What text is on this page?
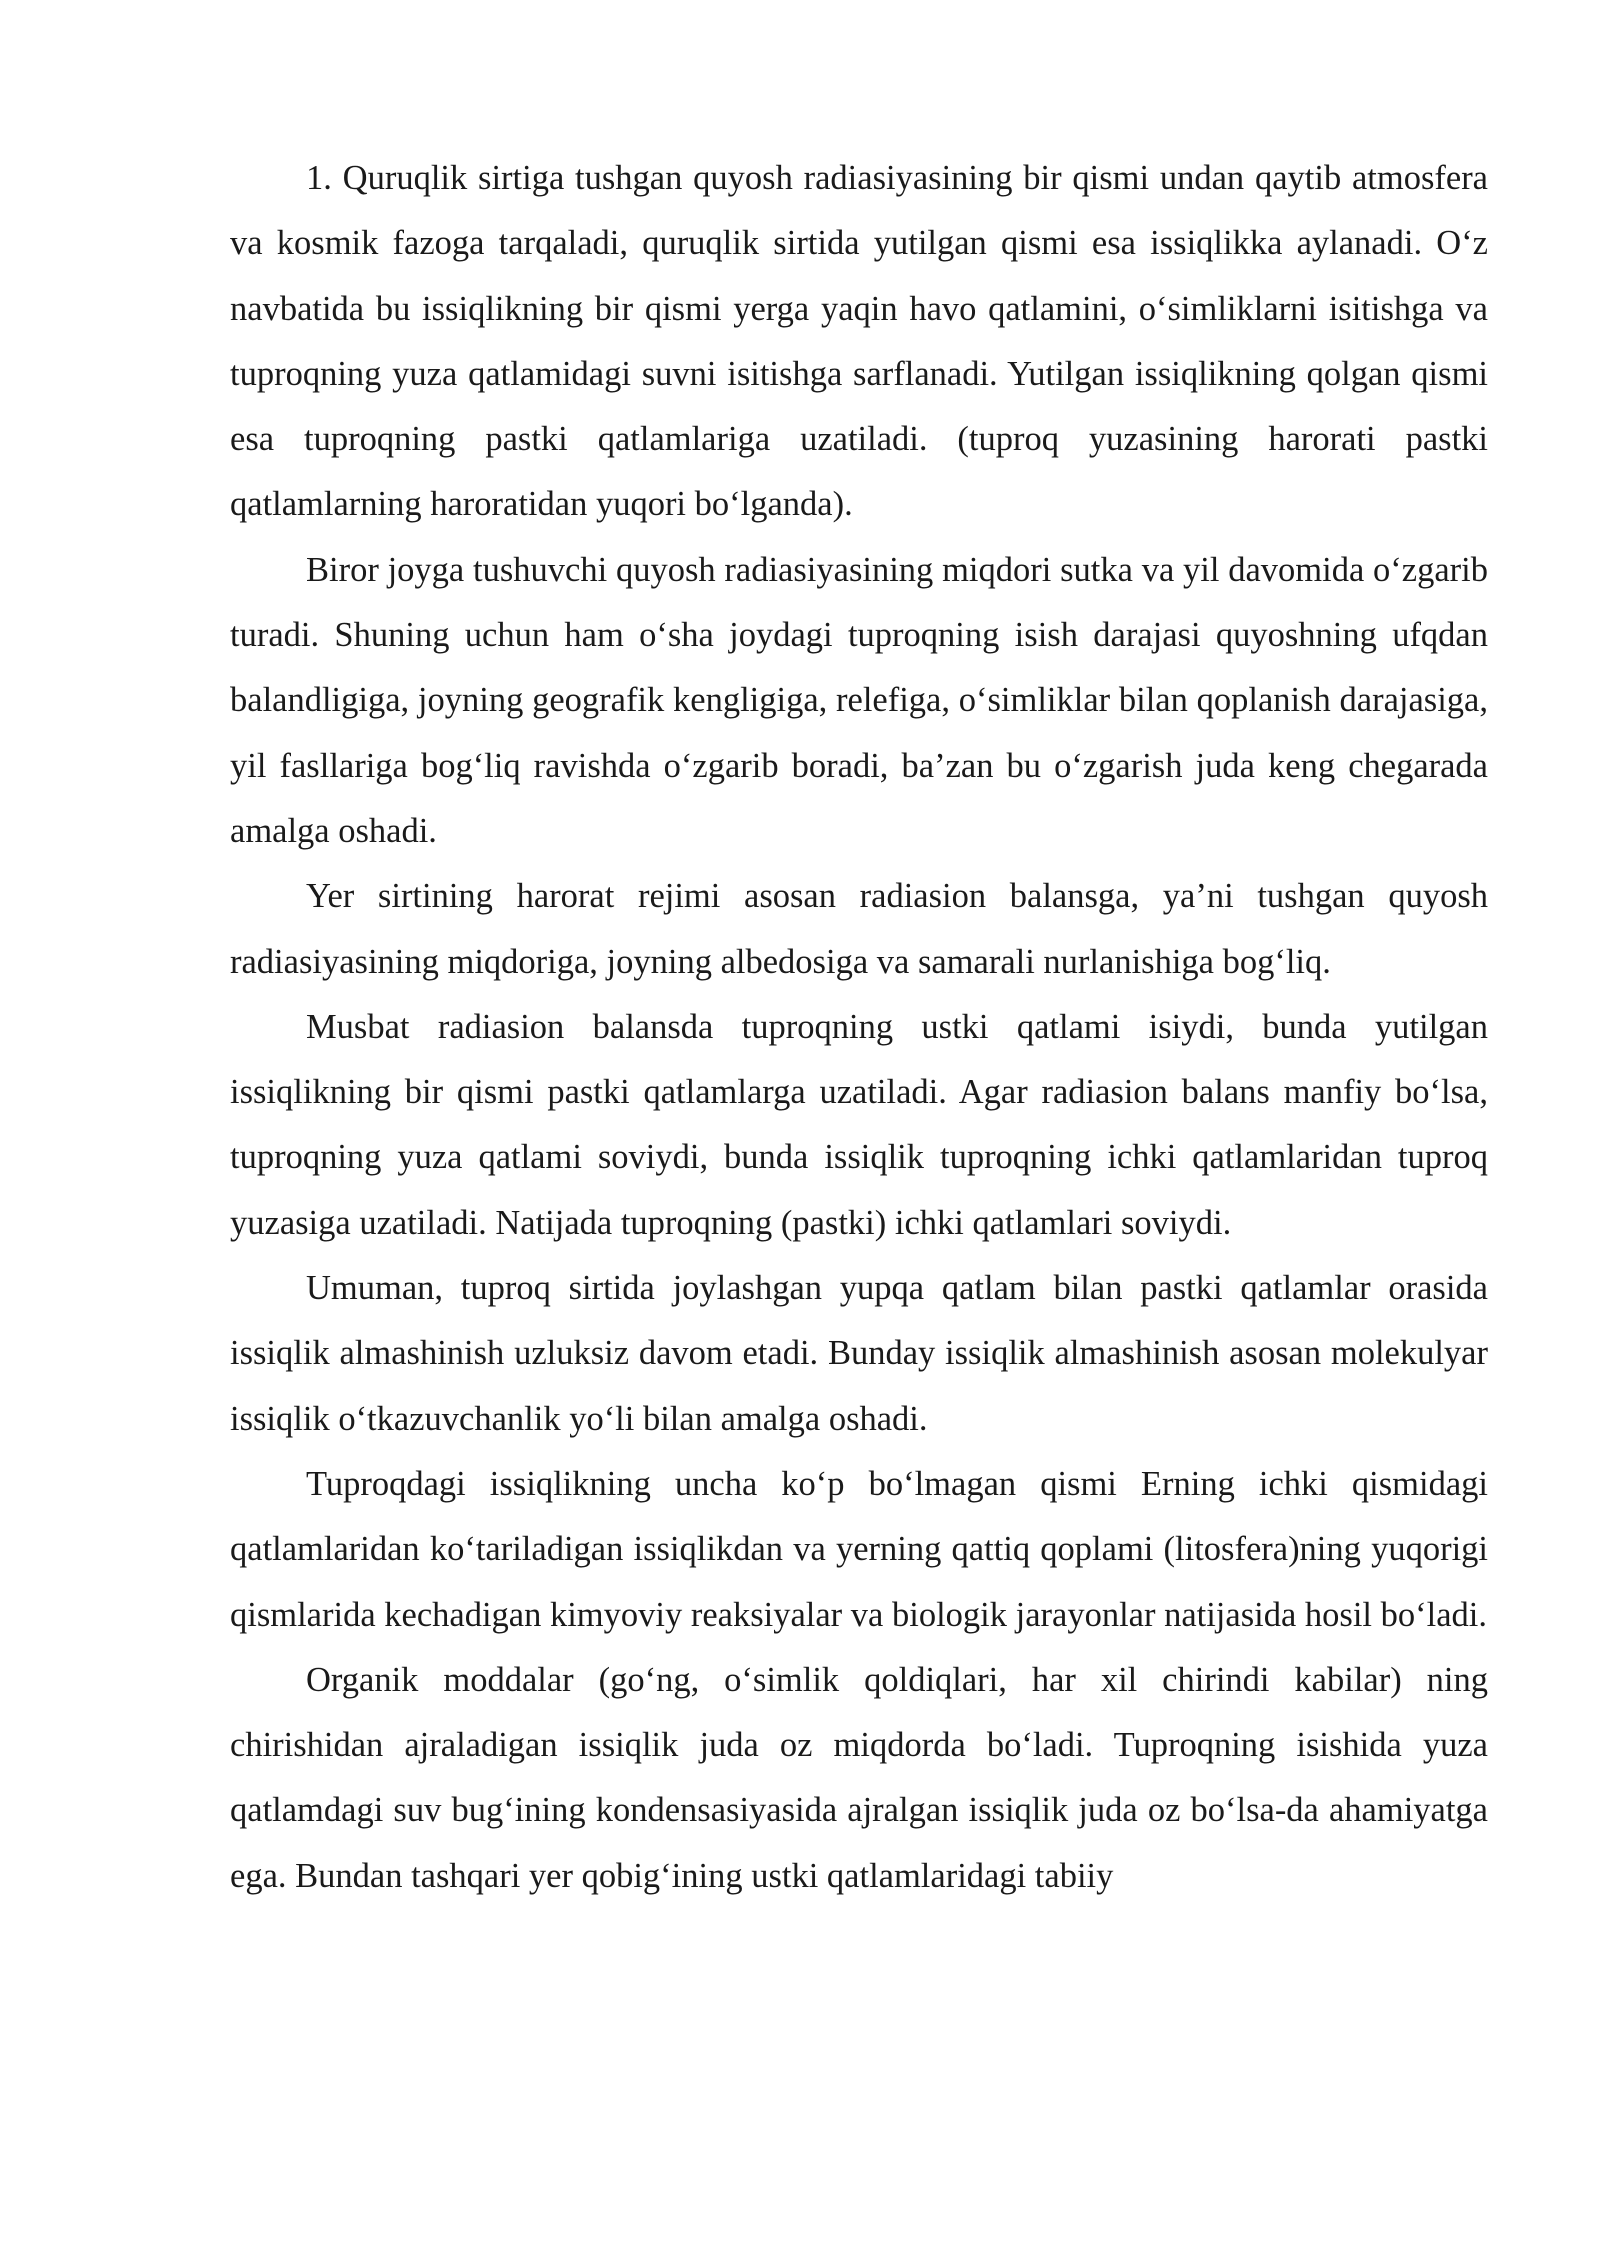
1. Quruqlik sirtiga tushgan quyosh radiasiyasining bir qismi undan qaytib atmosfera va kosmik fazoga tarqaladi, quruqlik sirtida yutilgan qismi esa issiqlikka aylanadi. O‘z navbatida bu issiqlikning bir qismi yerga yaqin havo qatlamini, o‘simliklarni isitishga va tuproqning yuza qatlamidagi suvni isitishga sarflanadi. Yutilgan issiqlikning qolgan qismi esa tuproqning pastki qatlamlariga uzatiladi. (tuproq yuzasining harorati pastki qatlamlarning haroratidan yuqori bo‘lganda).

Biror joyga tushuvchi quyosh radiasiyasining miqdori sutka va yil davomida o‘zgarib turadi. Shuning uchun ham o‘sha joydagi tuproqning isish darajasi quyoshning ufqdan balandligiga, joyning geografik kengligiga, relefiga, o‘simliklar bilan qoplanish darajasiga, yil fasllariga bog‘liq ravishda o‘zgarib boradi, ba’zan bu o‘zgarish juda keng chegarada amalga oshadi.

Yer sirtining harorat rejimi asosan radiasion balansga, ya’ni tushgan quyosh radiasiyasining miqdoriga, joyning albedosiga va samarali nurlanishiga bog‘liq.

Musbat radiasion balansda tuproqning ustki qatlami isiydi, bunda yutilgan issiqlikning bir qismi pastki qatlamlarga uzatiladi. Agar radiasion balans manfiy bo‘lsa, tuproqning yuza qatlami soviydi, bunda issiqlik tuproqning ichki qatlamlaridan tuproq yuzasiga uzatiladi. Natijada tuproqning (pastki) ichki qatlamlari soviydi.

Umuman, tuproq sirtida joylashgan yupqa qatlam bilan pastki qatlamlar orasida issiqlik almashinish uzluksiz davom etadi. Bunday issiqlik almashinish asosan molekulyar issiqlik o‘tkazuvchanlik yo‘li bilan amalga oshadi.

Tuproqdagi issiqlikning uncha ko‘p bo‘lmagan qismi Erning ichki qismidagi qatlamlaridan ko‘tariladigan issiqlikdan va yerning qattiq qoplami (litosfera)ning yuqorigi qismlarida kechadigan kimyoviy reaksiyalar va biologik jarayonlar natijasida hosil bo‘ladi.

Organik moddalar (go‘ng, o‘simlik qoldiqlari, har xil chirindi kabilar) ning chirishidan ajraladigan issiqlik juda oz miqdorda bo‘ladi. Tuproqning isishida yuza qatlamdagi suv bug‘ining kondensasiyasida ajralgan issiqlik juda oz bo‘lsa-da ahamiyatga ega. Bundan tashqari yer qobig‘ining ustki qatlamlaridagi tabiiy
